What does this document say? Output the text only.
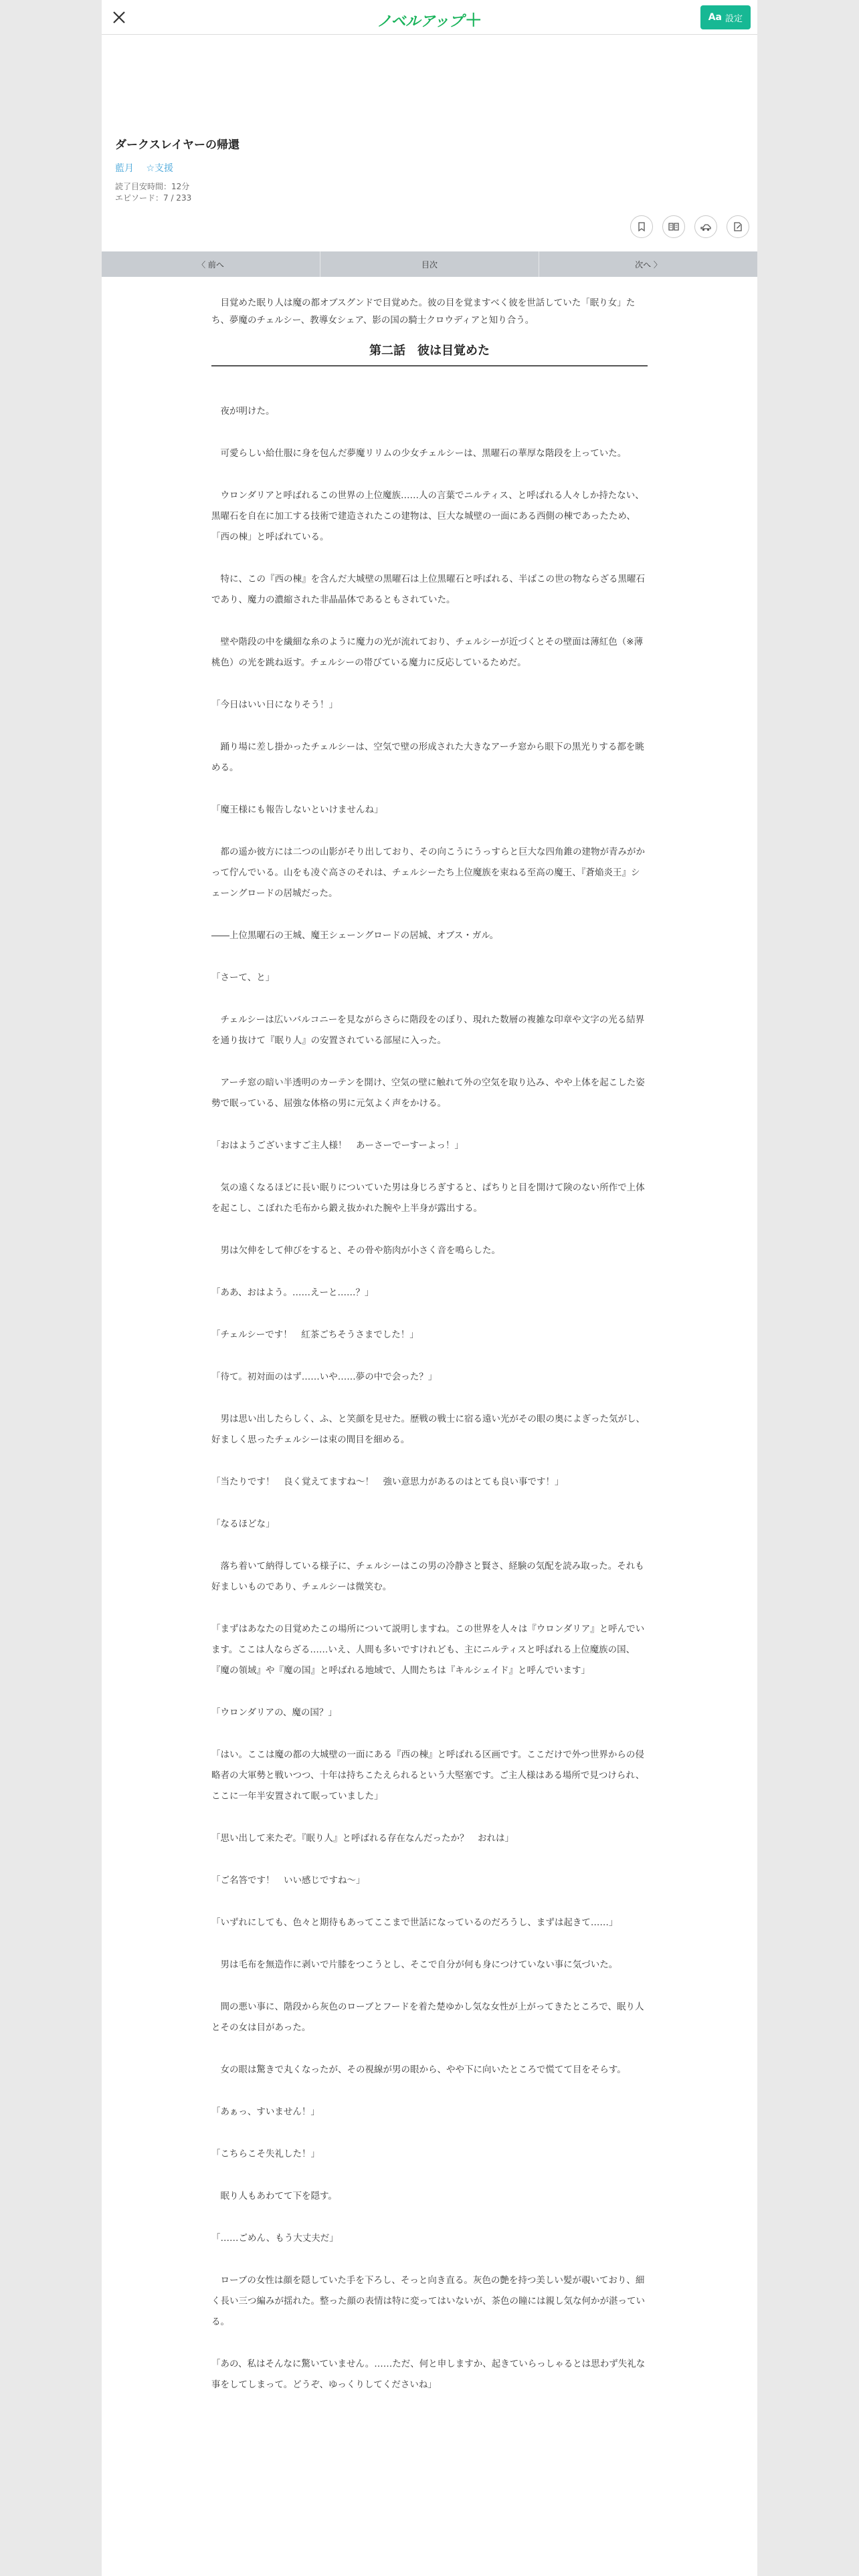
ノベルアップ＋	Aa 設定
ダークスレイヤーの帰還
藍月 ☆支援
読了目安時間：12分
エピソード：7 / 233
〈 前へ	目次	次へ 〉

目覚めた眠り人は魔の都オブスグンドで目覚めた。彼の目を覚ますべく彼を世話していた「眠り女」たち、夢魔のチェルシー、教導女シェア、影の国の騎士クロウディアと知り合う。

第二話　彼は目覚めた

　夜が明けた。

　可愛らしい給仕服に身を包んだ夢魔リリムの少女チェルシーは、黒曜石の華厚な階段を上っていた。

　ウロンダリアと呼ばれるこの世界の上位魔族……人の言葉でニルティス、と呼ばれる人々しか持たない、黒曜石を自在に加工する技術で建造されたこの建物は、巨大な城壁の一面にある西側の棟であったため、「西の棟」と呼ばれている。

　特に、この『西の棟』を含んだ大城壁の黒曜石は上位黒曜石と呼ばれる、半ばこの世の物ならざる黒曜石であり、魔力の濃縮された非晶晶体であるともされていた。

　壁や階段の中を繊細な糸のように魔力の光が流れており、チェルシーが近づくとその壁面は薄紅色（※薄桃色）の光を跳ね返す。チェルシーの帯びている魔力に反応しているためだ。

「今日はいい日になりそう！」

　踊り場に差し掛かったチェルシーは、空気で壁の形成された大きなアーチ窓から眼下の黒光りする都を眺める。

「魔王様にも報告しないといけませんね」

　都の遥か彼方には二つの山影がそり出しており、その向こうにうっすらと巨大な四角錐の建物が青みがかって佇んでいる。山をも凌ぐ高さのそれは、チェルシーたち上位魔族を束ねる至高の魔王、『蒼焔炎王』シェーングロードの居城だった。

――上位黒曜石の王城、魔王シェーングロードの居城、オブス・ガル。

「さーて、と」

　チェルシーは広いバルコニーを見ながらさらに階段をのぼり、現れた数層の複雑な印章や文字の光る結界を通り抜けて『眠り人』の安置されている部屋に入った。

　アーチ窓の暗い半透明のカーテンを開け、空気の壁に触れて外の空気を取り込み、やや上体を起こした姿勢で眠っている、屈強な体格の男に元気よく声をかける。

「おはようございますご主人様！　あーさーでーすーよっ！」

　気の遠くなるほどに長い眠りについていた男は身じろぎすると、ぱちりと目を開けて険のない所作で上体を起こし、こぼれた毛布から鍛え抜かれた腕や上半身が露出する。

　男は欠伸をして伸びをすると、その骨や筋肉が小さく音を鳴らした。

「ああ、おはよう。……えーと……？」

「チェルシーです！　紅茶ごちそうさまでした！」

「待て。初対面のはず……いや……夢の中で会った？」

　男は思い出したらしく、ふ、と笑顔を見せた。歴戦の戦士に宿る遠い光がその眼の奥によぎった気がし、好ましく思ったチェルシーは束の間目を細める。

「当たりです！　良く覚えてますね～！　強い意思力があるのはとても良い事です！」

「なるほどな」

　落ち着いて納得している様子に、チェルシーはこの男の冷静さと賢さ、経験の気配を読み取った。それも好ましいものであり、チェルシーは微笑む。

「まずはあなたの目覚めたこの場所について説明しますね。この世界を人々は『ウロンダリア』と呼んでいます。ここは人ならざる……いえ、人間も多いですけれども、主にニルティスと呼ばれる上位魔族の国、『魔の領域』や『魔の国』と呼ばれる地域で、人間たちは『キルシェイド』と呼んでいます」

「ウロンダリアの、魔の国？」

「はい。ここは魔の都の大城壁の一面にある『西の棟』と呼ばれる区画です。ここだけで外つ世界からの侵略者の大軍勢と戦いつつ、十年は持ちこたえられるという大堅塞です。ご主人様はある場所で見つけられ、ここに一年半安置されて眠っていました」

「思い出して来たぞ。『眠り人』と呼ばれる存在なんだったか？　おれは」

「ご名答です！　いい感じですね～」

「いずれにしても、色々と期待もあってここまで世話になっているのだろうし、まずは起きて……」

　男は毛布を無造作に剥いで片膝をつこうとし、そこで自分が何も身につけていない事に気づいた。

　間の悪い事に、階段から灰色のローブとフードを着た楚ゆかし気な女性が上がってきたところで、眠り人とその女は目があった。

　女の眼は驚きで丸くなったが、その視線が男の眼から、やや下に向いたところで慌てて目をそらす。

「あぁっ、すいません！」

「こちらこそ失礼した！」

　眠り人もあわてて下を隠す。

「……ごめん、もう大丈夫だ」

　ローブの女性は顔を隠していた手を下ろし、そっと向き直る。灰色の艶を持つ美しい髪が覗いており、細く長い三つ編みが揺れた。整った顔の表情は特に変ってはいないが、茶色の瞳には親し気な何かが湛っている。

「あの、私はそんなに驚いていません。……ただ、何と申しますか、起きていらっしゃるとは思わず失礼な事をしてしまって。どうぞ、ゆっくりしてくださいね」
